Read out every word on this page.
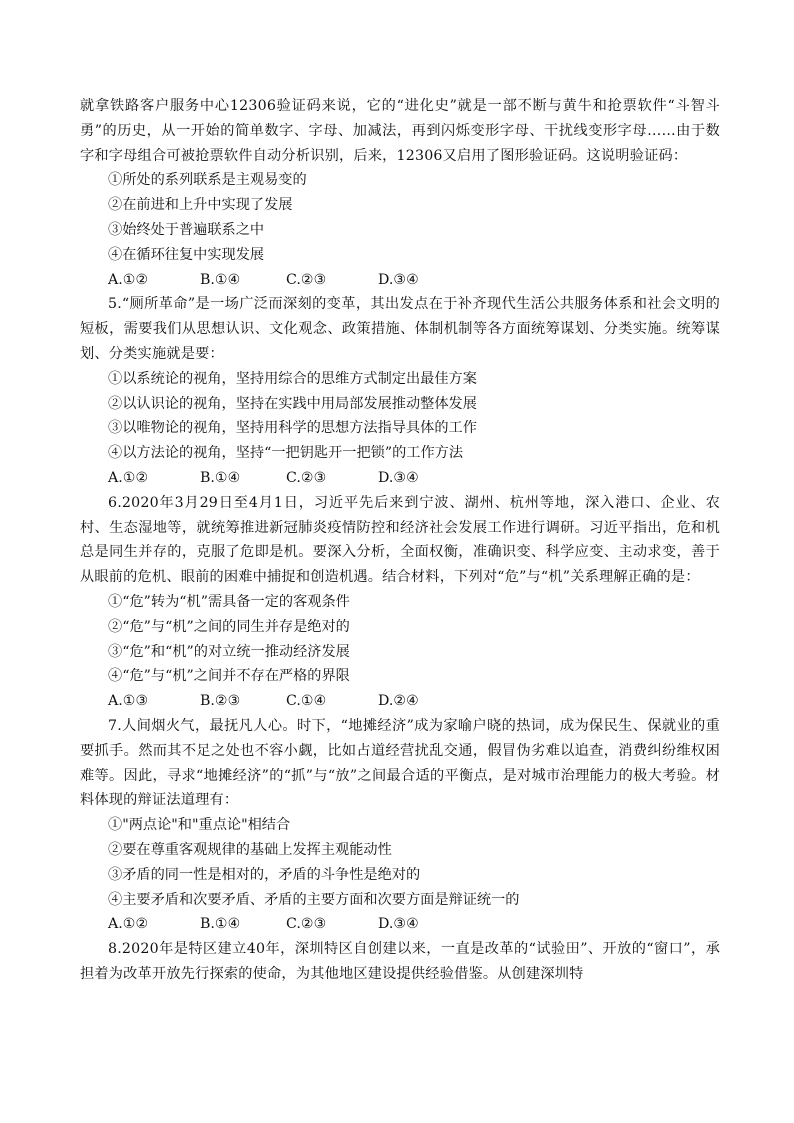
就拿铁路客户服务中心12306验证码来说，它的“进化史”就是一部不断与黄牛和抢票软件“斗智斗勇”的历史，从一开始的简单数字、字母、加减法，再到闪烁变形字母、干扰线变形字母……由于数字和字母组合可被抢票软件自动分析识别，后来，12306又启用了图形验证码。这说明验证码：

①所处的系列联系是主观易变的

②在前进和上升中实现了发展

③始终处于普遍联系之中

④在循环往复中实现发展

A.①②	B.①④	C.②③	D.③④

5.“厕所革命”是一场广泛而深刻的变革，其出发点在于补齐现代生活公共服务体系和社会文明的短板，需要我们从思想认识、文化观念、政策措施、体制机制等各方面统筹谋划、分类实施。统筹谋划、分类实施就是要：

①以系统论的视角，坚持用综合的思维方式制定出最佳方案

②以认识论的视角，坚持在实践中用局部发展推动整体发展

③以唯物论的视角，坚持用科学的思想方法指导具体的工作

④以方法论的视角，坚持“一把钥匙开一把锁”的工作方法

A.①②	B.①④	C.②③	D.③④

6.2020年3月29日至4月1日，习近平先后来到宁波、湖州、杭州等地，深入港口、企业、农村、生态湿地等，就统筹推进新冠肺炎疫情防控和经济社会发展工作进行调研。习近平指出，危和机总是同生并存的，克服了危即是机。要深入分析，全面权衡，准确识变、科学应变、主动求变，善于从眼前的危机、眼前的困难中捕捉和创造机遇。结合材料，下列对“危”与“机”关系理解正确的是：

①“危”转为“机”需具备一定的客观条件

②“危”与“机”之间的同生并存是绝对的

③“危”和“机”的对立统一推动经济发展

④“危”与“机”之间并不存在严格的界限

A.①③	B.②③	C.①④	D.②④

7.人间烟火气，最抚凡人心。时下，“地摊经济”成为家喻户晓的热词，成为保民生、保就业的重要抓手。然而其不足之处也不容小觑，比如占道经营扰乱交通，假冒伪劣难以追查，消费纠纷维权困难等。因此，寻求“地摊经济”的“抓”与“放”之间最合适的平衡点，是对城市治理能力的极大考验。材料体现的辩证法道理有：

①"两点论"和"重点论"相结合

②要在尊重客观规律的基础上发挥主观能动性

③矛盾的同一性是相对的，矛盾的斗争性是绝对的

④主要矛盾和次要矛盾、矛盾的主要方面和次要方面是辩证统一的

A.①②	B.①④	C.②③	D.③④

8.2020年是特区建立40年，深圳特区自创建以来，一直是改革的“试验田”、开放的“窗口”，承担着为改革开放先行探索的使命，为其他地区建设提供经验借鉴。从创建深圳特
